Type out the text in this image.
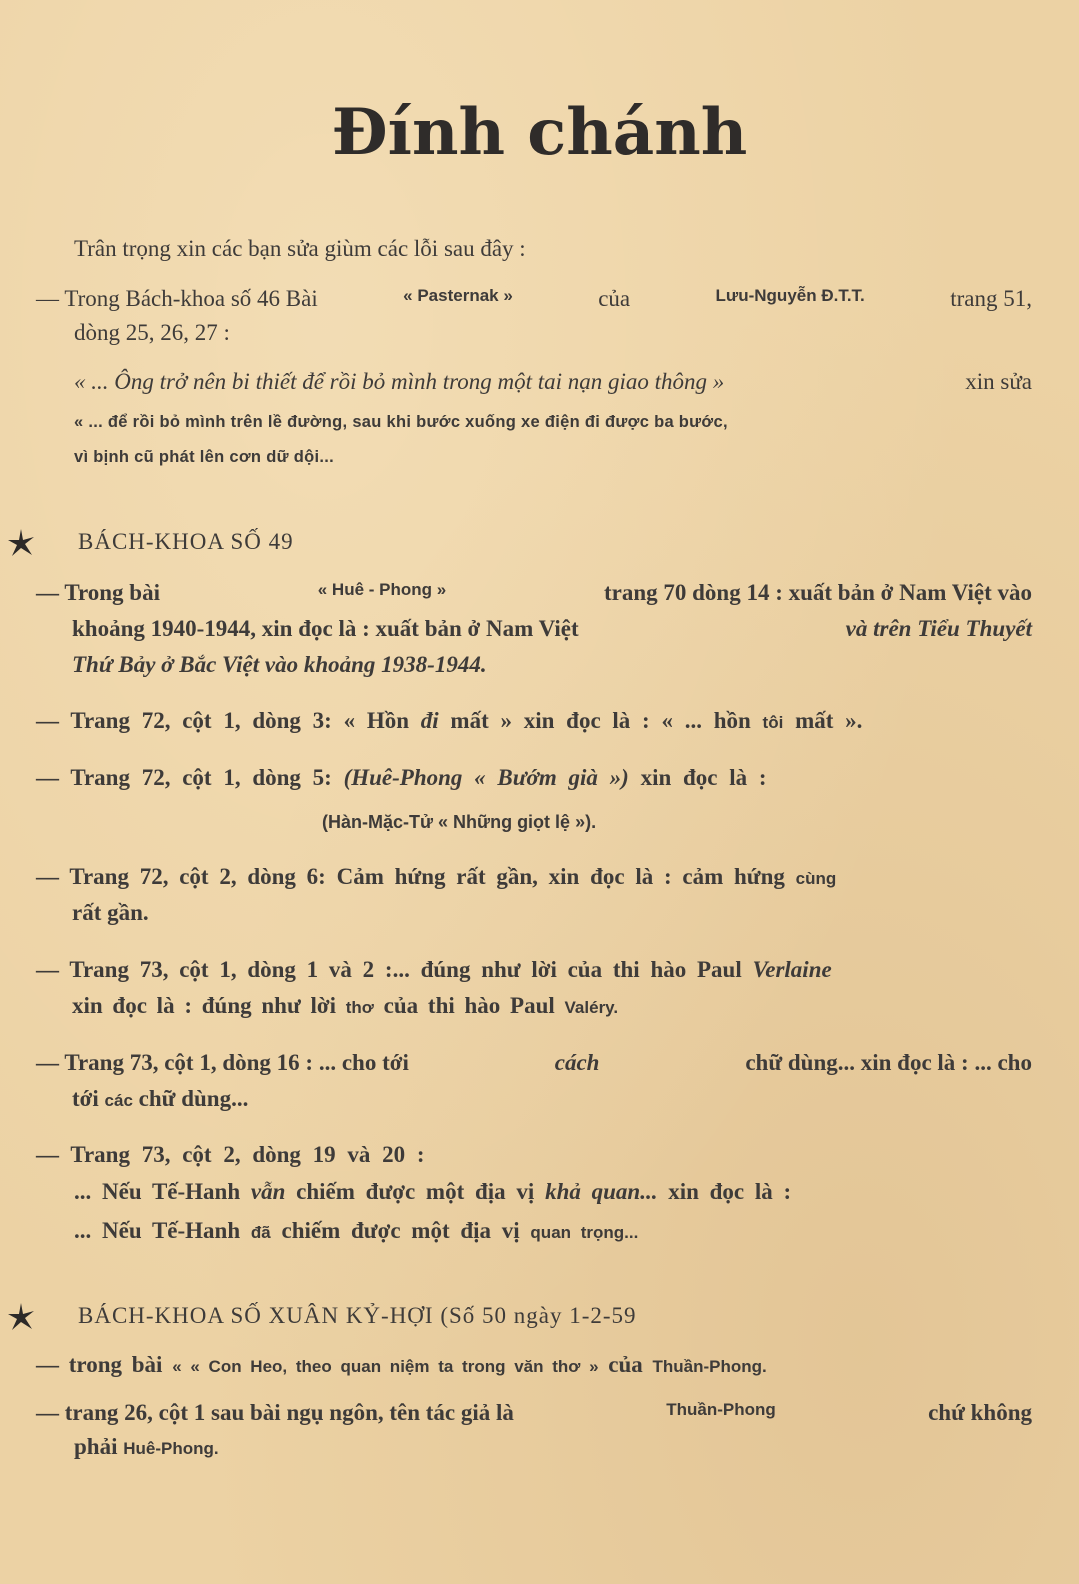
Đính chánh
Trân trọng xin các bạn sửa giùm các lỗi sau đây :
— Trong Bách-khoa số 46 Bài	« Pasternak »	của	Lưu-Nguyễn Đ.T.T.	trang 51,
dòng 25, 26, 27 :
« ... Ông trở nên bi thiết để rồi bỏ mình trong một tai nạn giao thông »	xin sửa
« ... để rồi bỏ mình trên lề đường, sau khi bước xuống xe điện đi được ba bước,
vì bịnh cũ phát lên cơn dữ dội...
BÁCH-KHOA SỐ 49
— Trong bài	« Huê - Phong »	trang 70 dòng 14 : xuất bản ở Nam Việt vào
khoảng 1940-1944, xin đọc là : xuất bản ở Nam Việt	và trên Tiểu Thuyết
Thứ Bảy ở Bắc Việt vào khoảng 1938-1944.
— Trang 72, cột 1, dòng 3: « Hồn đi mất » xin đọc là : « ... hồn tôi mất ».
— Trang 72, cột 1, dòng 5: (Huê-Phong « Bướm già ») xin đọc là :
(Hàn-Mặc-Tử « Những giọt lệ »).
— Trang 72, cột 2, dòng 6: Cảm hứng rất gần, xin đọc là : cảm hứng cùng
rất gần.
— Trang 73, cột 1, dòng 1 và 2 :... đúng như lời của thi hào Paul Verlaine
xin đọc là : đúng như lời thơ của thi hào Paul Valéry.
— Trang 73, cột 1, dòng 16 : ... cho tới	cách	chữ dùng... xin đọc là : ... cho
tới các chữ dùng...
— Trang 73, cột 2, dòng 19 và 20 :
... Nếu Tế-Hanh vẫn chiếm được một địa vị khả quan... xin đọc là :
... Nếu Tế-Hanh đã chiếm được một địa vị quan trọng...
BÁCH-KHOA SỐ XUÂN KỶ-HỢI (Số 50 ngày 1-2-59
— trong bài « « Con Heo, theo quan niệm ta trong văn thơ » của Thuần-Phong.
— trang 26, cột 1 sau bài ngụ ngôn, tên tác giả là	Thuần-Phong	chứ không
phải Huê-Phong.
